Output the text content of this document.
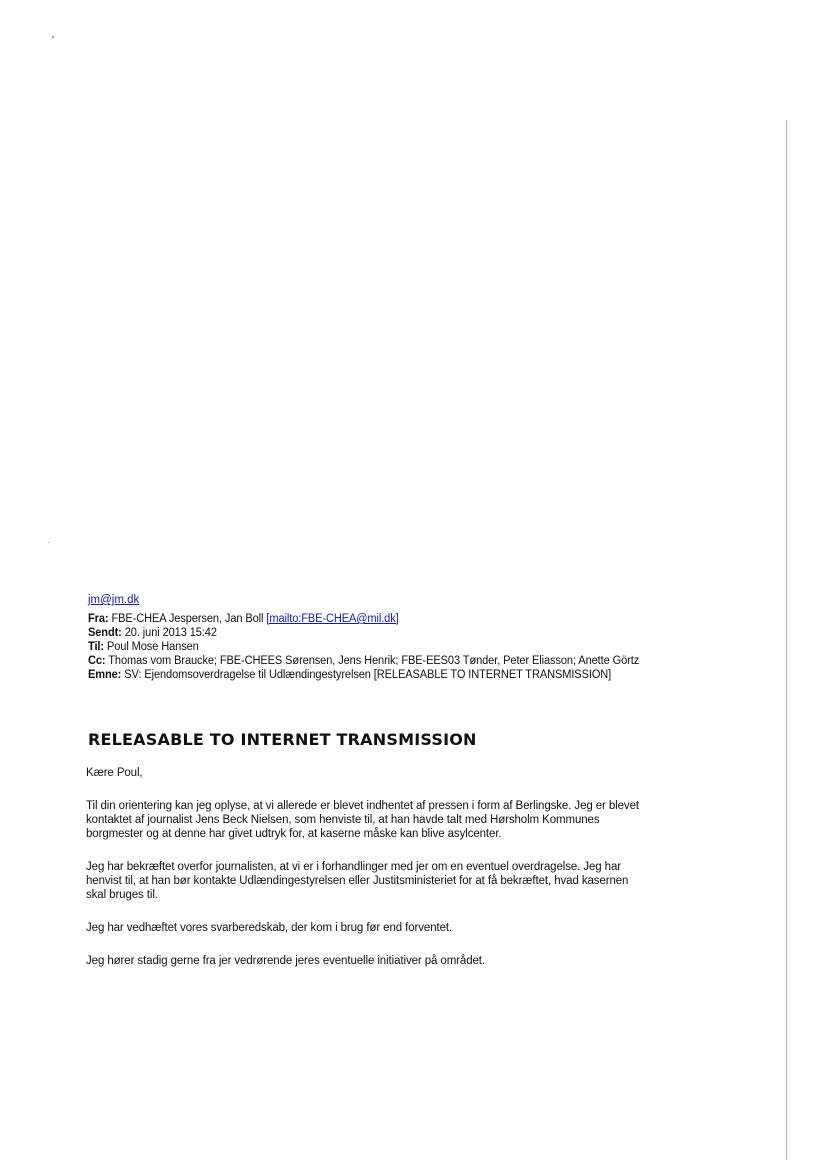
jm@jm.dk
Fra: FBE-CHEA Jespersen, Jan Boll [mailto:FBE-CHEA@mil.dk]
Sendt: 20. juni 2013 15:42
Til: Poul Mose Hansen
Cc: Thomas vom Braucke; FBE-CHEES Sørensen, Jens Henrik; FBE-EES03 Tønder, Peter Eliasson; Anette Görtz
Emne: SV: Ejendomsoverdragelse til Udlændingestyrelsen [RELEASABLE TO INTERNET TRANSMISSION]
RELEASABLE TO INTERNET TRANSMISSION

Kære Poul,

Til din orientering kan jeg oplyse, at vi allerede er blevet indhentet af pressen i form af Berlingske. Jeg er blevet
kontaktet af journalist Jens Beck Nielsen, som henviste til, at han havde talt med Hørsholm Kommunes
borgmester og at denne har givet udtryk for, at kaserne måske kan blive asylcenter.

Jeg har bekræftet overfor journalisten, at vi er i forhandlinger med jer om en eventuel overdragelse. Jeg har
henvist til, at han bør kontakte Udlændingestyrelsen eller Justitsministeriet for at få bekræftet, hvad kasernen
skal bruges til.

Jeg har vedhæftet vores svarberedskab, der kom i brug før end forventet.

Jeg hører stadig gerne fra jer vedrørende jeres eventuelle initiativer på området.
